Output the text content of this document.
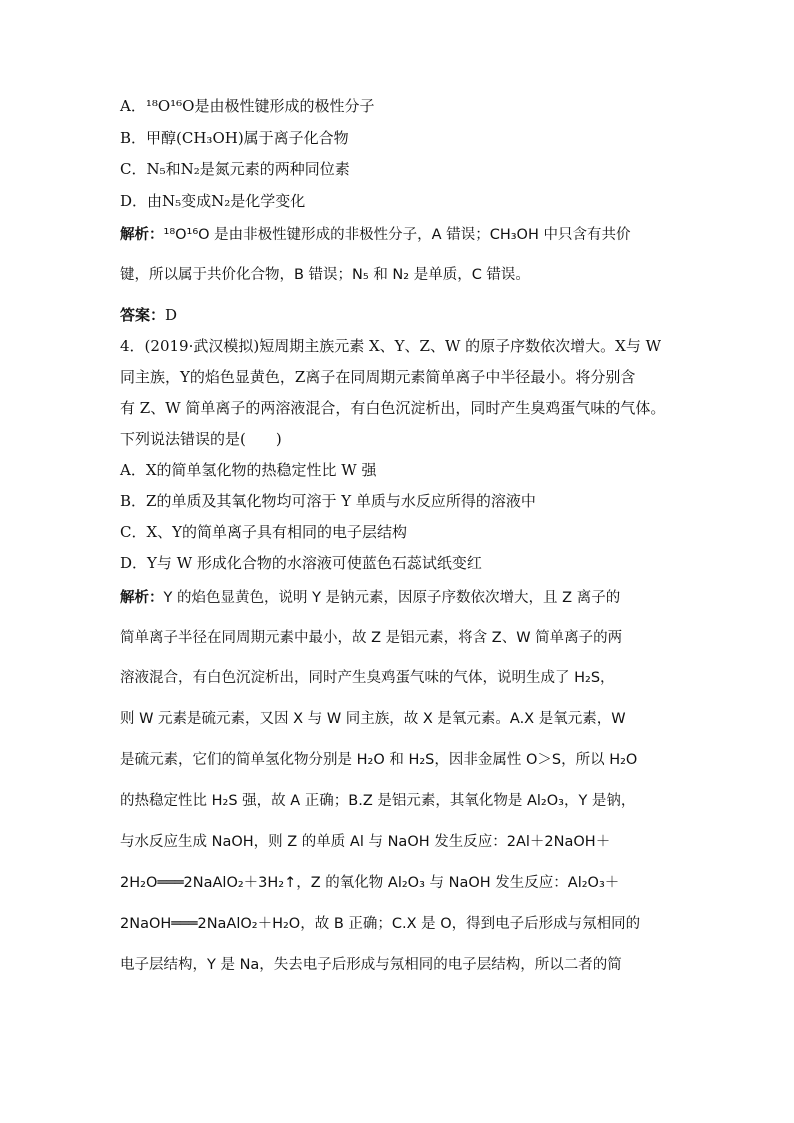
A．¹⁸O¹⁶O是由极性键形成的极性分子
B．甲醇(CH₃OH)属于离子化合物
C．N₅和N₂是氮元素的两种同位素
D．由N₅变成N₂是化学变化
解析：¹⁸O¹⁶O 是由非极性键形成的非极性分子，A 错误；CH₃OH 中只含有共价
键，所以属于共价化合物，B 错误；N₅ 和 N₂ 是单质，C 错误。
答案：D
4．(2019·武汉模拟)短周期主族元素 X、Y、Z、W 的原子序数依次增大。X与 W
同主族，Y的焰色显黄色，Z离子在同周期元素简单离子中半径最小。将分别含
有 Z、W 简单离子的两溶液混合，有白色沉淀析出，同时产生臭鸡蛋气味的气体。
下列说法错误的是(　　)
A．X的简单氢化物的热稳定性比 W 强
B．Z的单质及其氧化物均可溶于 Y 单质与水反应所得的溶液中
C．X、Y的简单离子具有相同的电子层结构
D．Y与 W 形成化合物的水溶液可使蓝色石蕊试纸变红
解析：Y 的焰色显黄色，说明 Y 是钠元素，因原子序数依次增大，且 Z 离子的
简单离子半径在同周期元素中最小，故 Z 是铝元素，将含 Z、W 简单离子的两
溶液混合，有白色沉淀析出，同时产生臭鸡蛋气味的气体，说明生成了 H₂S，
则 W 元素是硫元素，又因 X 与 W 同主族，故 X 是氧元素。A.X 是氧元素，W
是硫元素，它们的简单氢化物分别是 H₂O 和 H₂S，因非金属性 O＞S，所以 H₂O
的热稳定性比 H₂S 强，故 A 正确；B.Z 是铝元素，其氧化物是 Al₂O₃，Y 是钠，
与水反应生成 NaOH，则 Z 的单质 Al 与 NaOH 发生反应：2Al＋2NaOH＋
2H₂O═══2NaAlO₂＋3H₂↑，Z 的氧化物 Al₂O₃ 与 NaOH 发生反应：Al₂O₃＋
2NaOH═══2NaAlO₂＋H₂O，故 B 正确；C.X 是 O，得到电子后形成与氖相同的
电子层结构，Y 是 Na，失去电子后形成与氖相同的电子层结构，所以二者的简
